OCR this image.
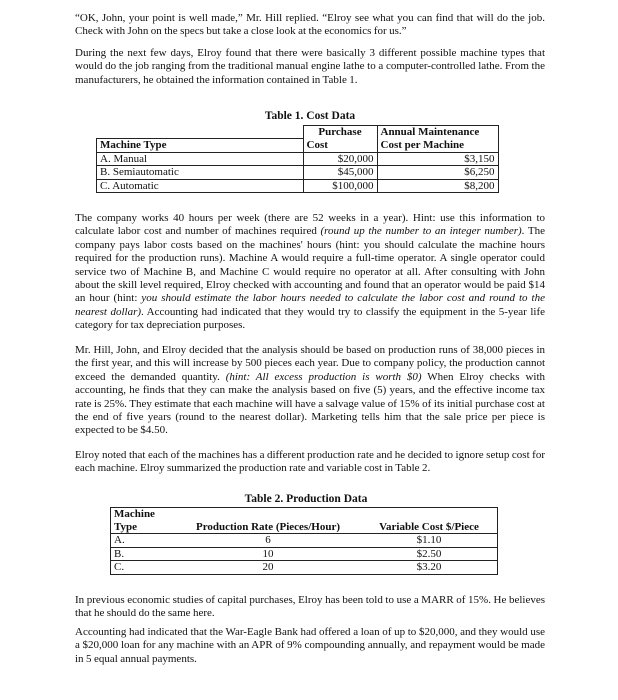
“OK, John, your point is well made,” Mr. Hill replied. “Elroy see what you can find that will do the job. Check with John on the specs but take a close look at the economics for us.”

During the next few days, Elroy found that there were basically 3 different possible machine types that would do the job ranging from the traditional manual engine lathe to a computer-controlled lathe. From the manufacturers, he obtained the information contained in Table 1.

Table 1. Cost Data
	Purchase	Annual Maintenance
Machine Type	Cost	Cost per Machine
A. Manual	$20,000	$3,150
B. Semiautomatic	$45,000	$6,250
C. Automatic	$100,000	$8,200

The company works 40 hours per week (there are 52 weeks in a year). Hint: use this information to calculate labor cost and number of machines required (round up the number to an integer number). The company pays labor costs based on the machines' hours (hint: you should calculate the machine hours required for the production runs). Machine A would require a full-time operator. A single operator could service two of Machine B, and Machine C would require no operator at all. After consulting with John about the skill level required, Elroy checked with accounting and found that an operator would be paid $14 an hour (hint: you should estimate the labor hours needed to calculate the labor cost and round to the nearest dollar). Accounting had indicated that they would try to classify the equipment in the 5-year life category for tax depreciation purposes.

Mr. Hill, John, and Elroy decided that the analysis should be based on production runs of 38,000 pieces in the first year, and this will increase by 500 pieces each year. Due to company policy, the production cannot exceed the demanded quantity. (hint: All excess production is worth $0) When Elroy checks with accounting, he finds that they can make the analysis based on five (5) years, and the effective income tax rate is 25%. They estimate that each machine will have a salvage value of 15% of its initial purchase cost at the end of five years (round to the nearest dollar). Marketing tells him that the sale price per piece is expected to be $4.50.

Elroy noted that each of the machines has a different production rate and he decided to ignore setup cost for each machine. Elroy summarized the production rate and variable cost in Table 2.

Table 2. Production Data
Machine		
Type	Production Rate (Pieces/Hour)	Variable Cost $/Piece
A.	6	$1.10
B.	10	$2.50
C.	20	$3.20

In previous economic studies of capital purchases, Elroy has been told to use a MARR of 15%. He believes that he should do the same here.

Accounting had indicated that the War-Eagle Bank had offered a loan of up to $20,000, and they would use a $20,000 loan for any machine with an APR of 9% compounding annually, and repayment would be made in 5 equal annual payments.
